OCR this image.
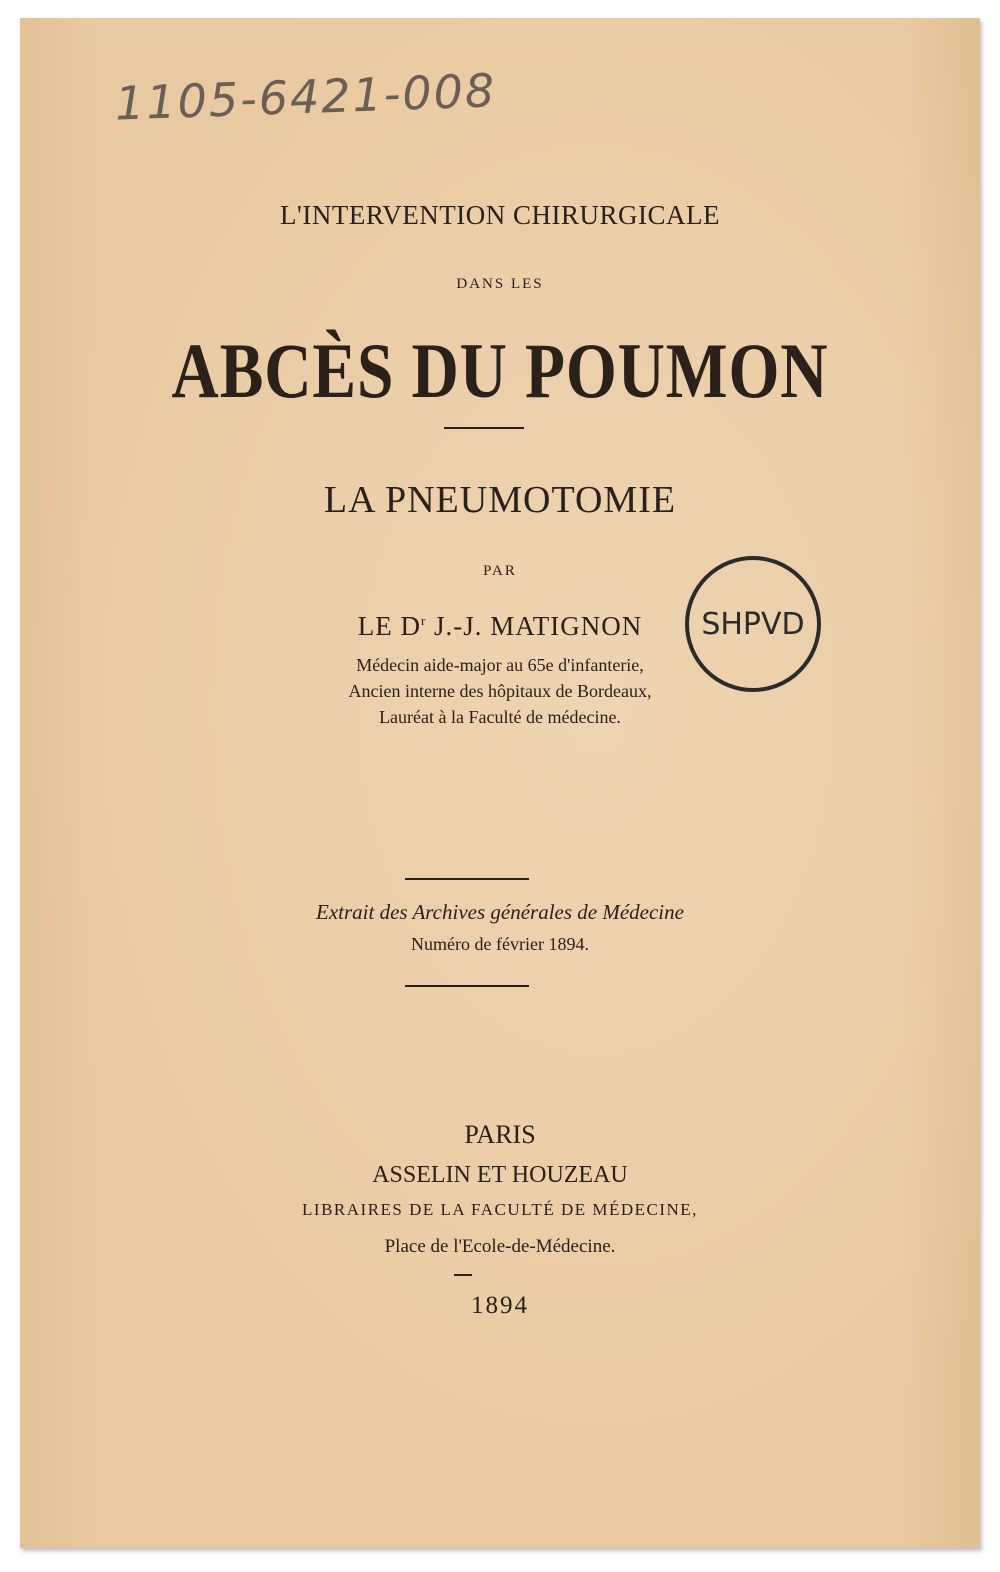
1105-6421-008
L'INTERVENTION CHIRURGICALE
DANS LES
ABCÈS DU POUMON
LA PNEUMOTOMIE
PAR
LE $D^r$ J.-J. MATIGNON
Médecin aide-major au 65e d'infanterie,
Ancien interne des hôpitaux de Bordeaux,
Lauréat à la Faculté de médecine.
SHPVD
Extrait des Archives générales de Médecine
Numéro de février 1894.
PARIS
ASSELIN ET HOUZEAU
LIBRAIRES DE LA FACULTÉ DE MÉDECINE,
Place de l'Ecole-de-Médecine.
1894
